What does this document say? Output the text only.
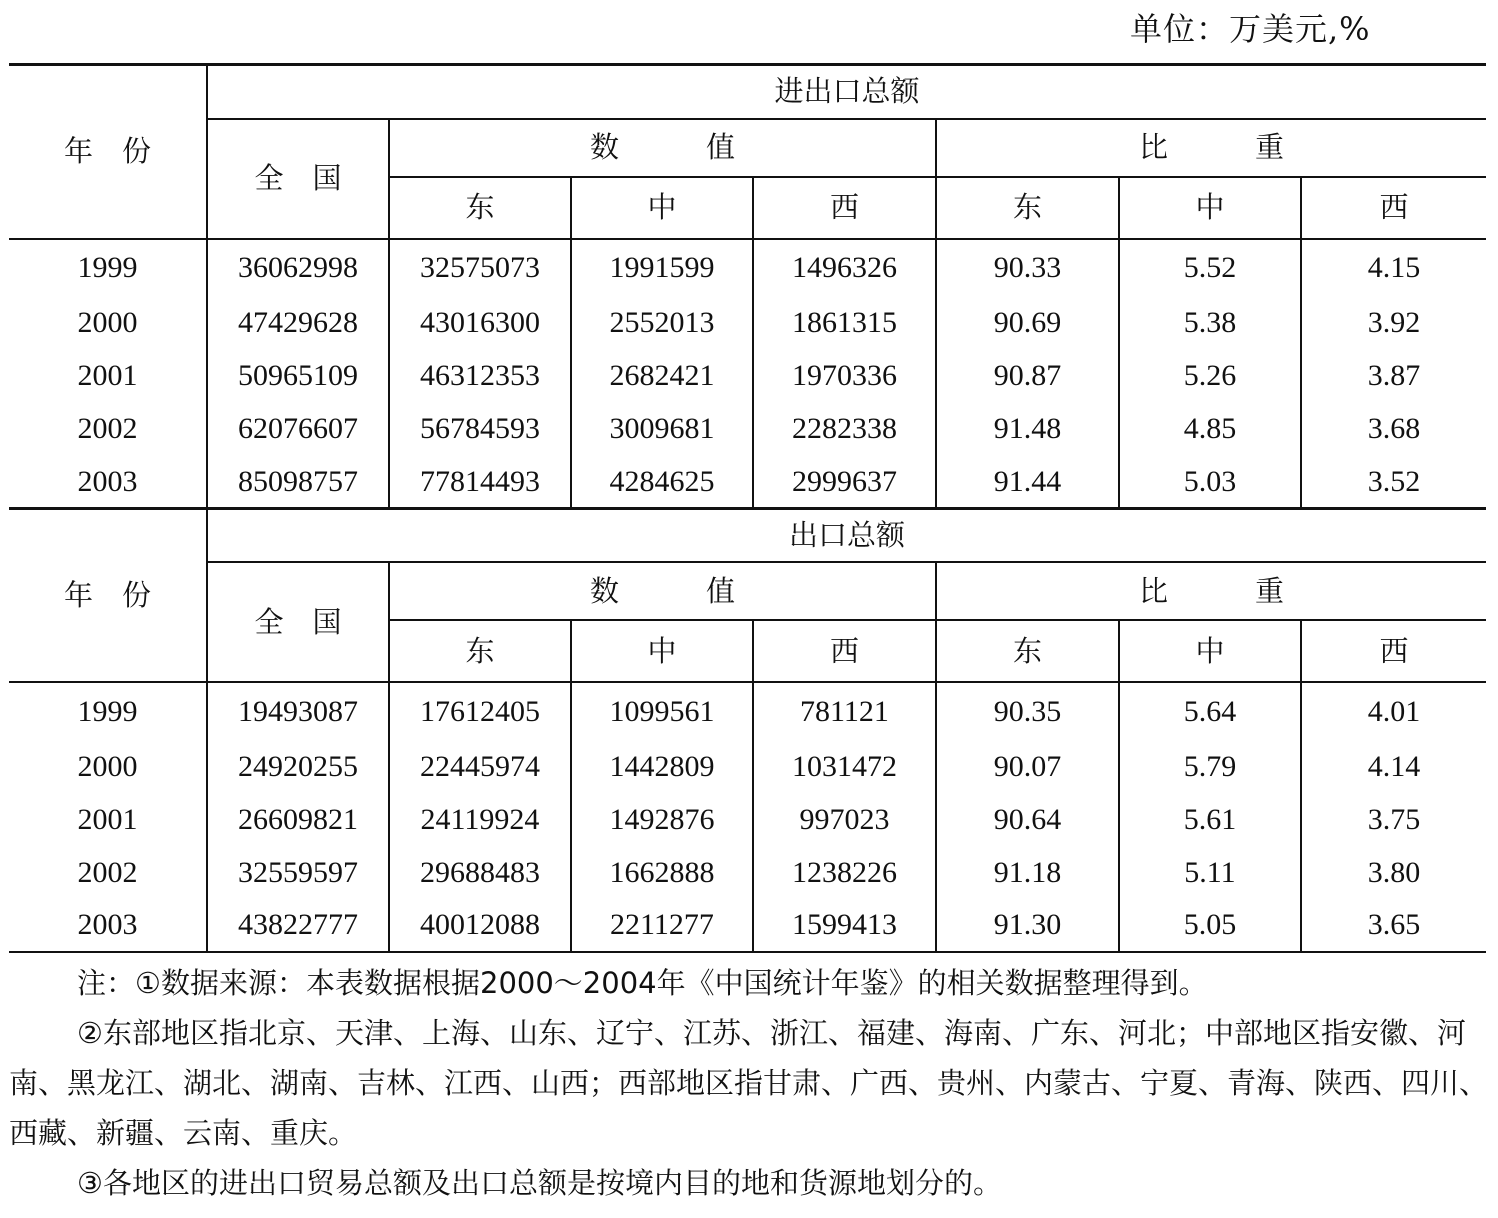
单位：万美元,%
年　份	进出口总额						
	全　国	数　　　值			比　　　重		
		东	中	西	东	中	西
1999	36062998	32575073	1991599	1496326	90.33	5.52	4.15
2000	47429628	43016300	2552013	1861315	90.69	5.38	3.92
2001	50965109	46312353	2682421	1970336	90.87	5.26	3.87
2002	62076607	56784593	3009681	2282338	91.48	4.85	3.68
2003	85098757	77814493	4284625	2999637	91.44	5.03	3.52
年　份	出口总额						
	全　国	数　　　值			比　　　重		
		东	中	西	东	中	西
1999	19493087	17612405	1099561	781121	90.35	5.64	4.01
2000	24920255	22445974	1442809	1031472	90.07	5.79	4.14
2001	26609821	24119924	1492876	997023	90.64	5.61	3.75
2002	32559597	29688483	1662888	1238226	91.18	5.11	3.80
2003	43822777	40012088	2211277	1599413	91.30	5.05	3.65

注：①数据来源：本表数据根据2000～2004年《中国统计年鉴》的相关数据整理得到。

②东部地区指北京、天津、上海、山东、辽宁、江苏、浙江、福建、海南、广东、河北；中部地区指安徽、河南、黑龙江、湖北、湖南、吉林、江西、山西；西部地区指甘肃、广西、贵州、内蒙古、宁夏、青海、陕西、四川、西藏、新疆、云南、重庆。

③各地区的进出口贸易总额及出口总额是按境内目的地和货源地划分的。
